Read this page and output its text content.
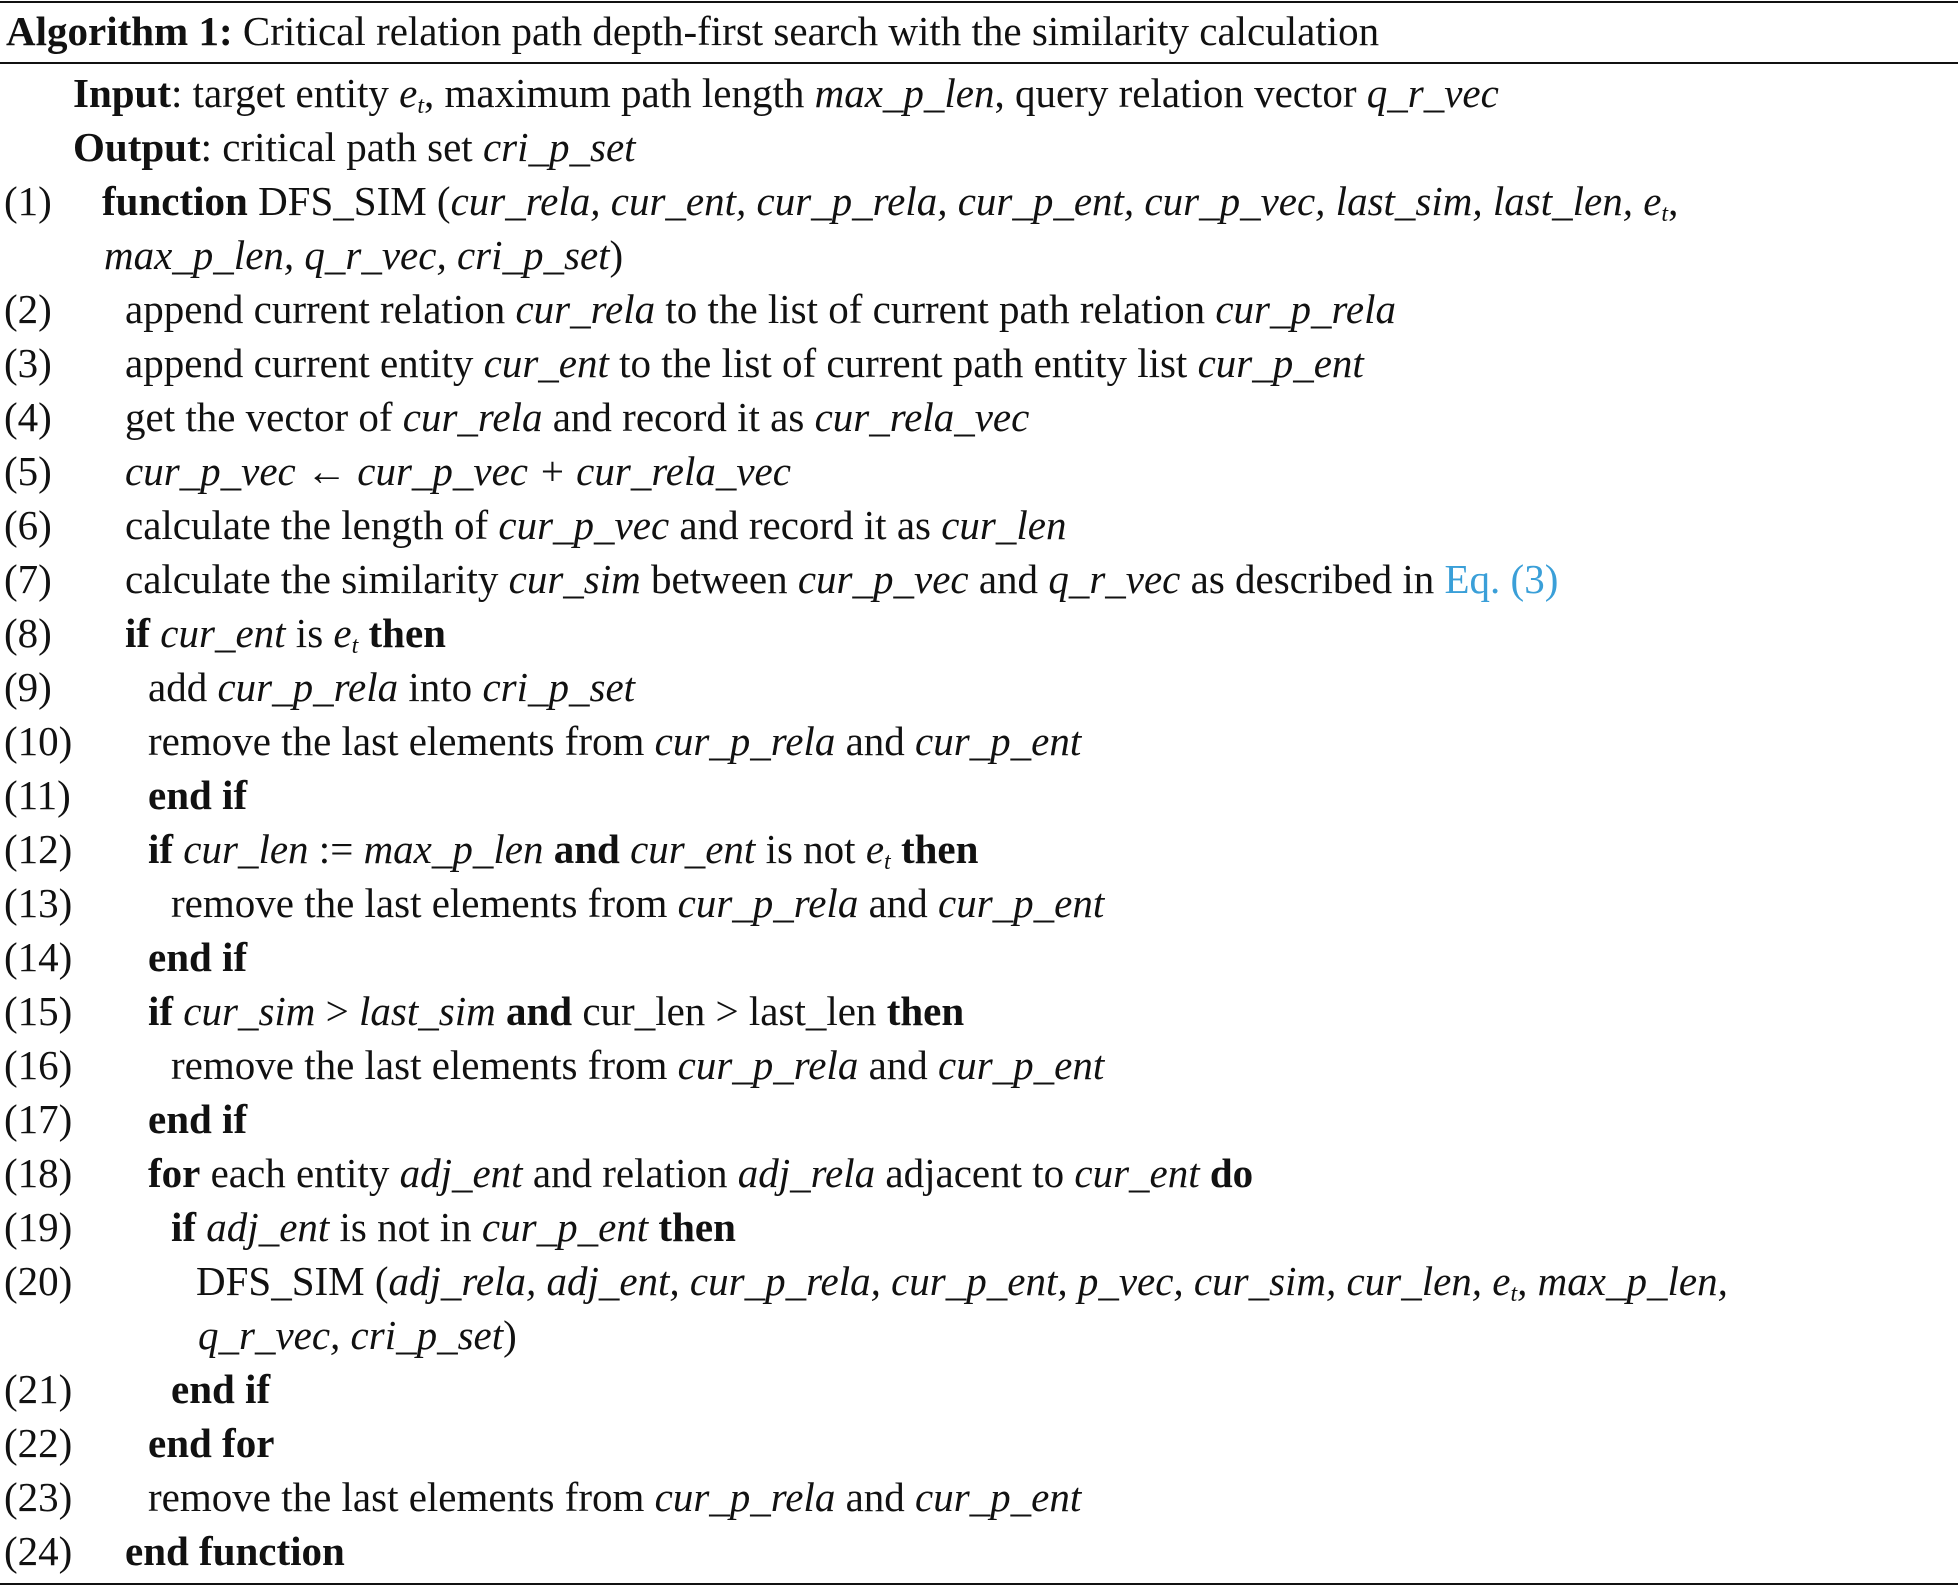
Algorithm 1: Critical relation path depth-first search with the similarity calculation
Input: target entity $e_t$, maximum path length max_p_len, query relation vector q_r_vec
Output: critical path set cri_p_set
(1) function DFS_SIM (cur_rela, cur_ent, cur_p_rela, cur_p_ent, cur_p_vec, last_sim, last_len, $e_t$,
max_p_len, q_r_vec, cri_p_set)
(2) append current relation cur_rela to the list of current path relation cur_p_rela
(3) append current entity cur_ent to the list of current path entity list cur_p_ent
(4) get the vector of cur_rela and record it as cur_rela_vec
(5) cur_p_vec ← cur_p_vec + cur_rela_vec
(6) calculate the length of cur_p_vec and record it as cur_len
(7) calculate the similarity cur_sim between cur_p_vec and q_r_vec as described in Eq. (3)
(8) if cur_ent is $e_t$ then
(9) add cur_p_rela into cri_p_set
(10) remove the last elements from cur_p_rela and cur_p_ent
(11) end if
(12) if cur_len := max_p_len and cur_ent is not $e_t$ then
(13) remove the last elements from cur_p_rela and cur_p_ent
(14) end if
(15) if cur_sim > last_sim and cur_len > last_len then
(16) remove the last elements from cur_p_rela and cur_p_ent
(17) end if
(18) for each entity adj_ent and relation adj_rela adjacent to cur_ent do
(19) if adj_ent is not in cur_p_ent then
(20)	DFS_SIM (adj_rela, adj_ent, cur_p_rela, cur_p_ent, p_vec, cur_sim, cur_len, $e_t$, max_p_len,
q_r_vec, cri_p_set)
(21) end if
(22) end for
(23) remove the last elements from cur_p_rela and cur_p_ent
(24) end function
